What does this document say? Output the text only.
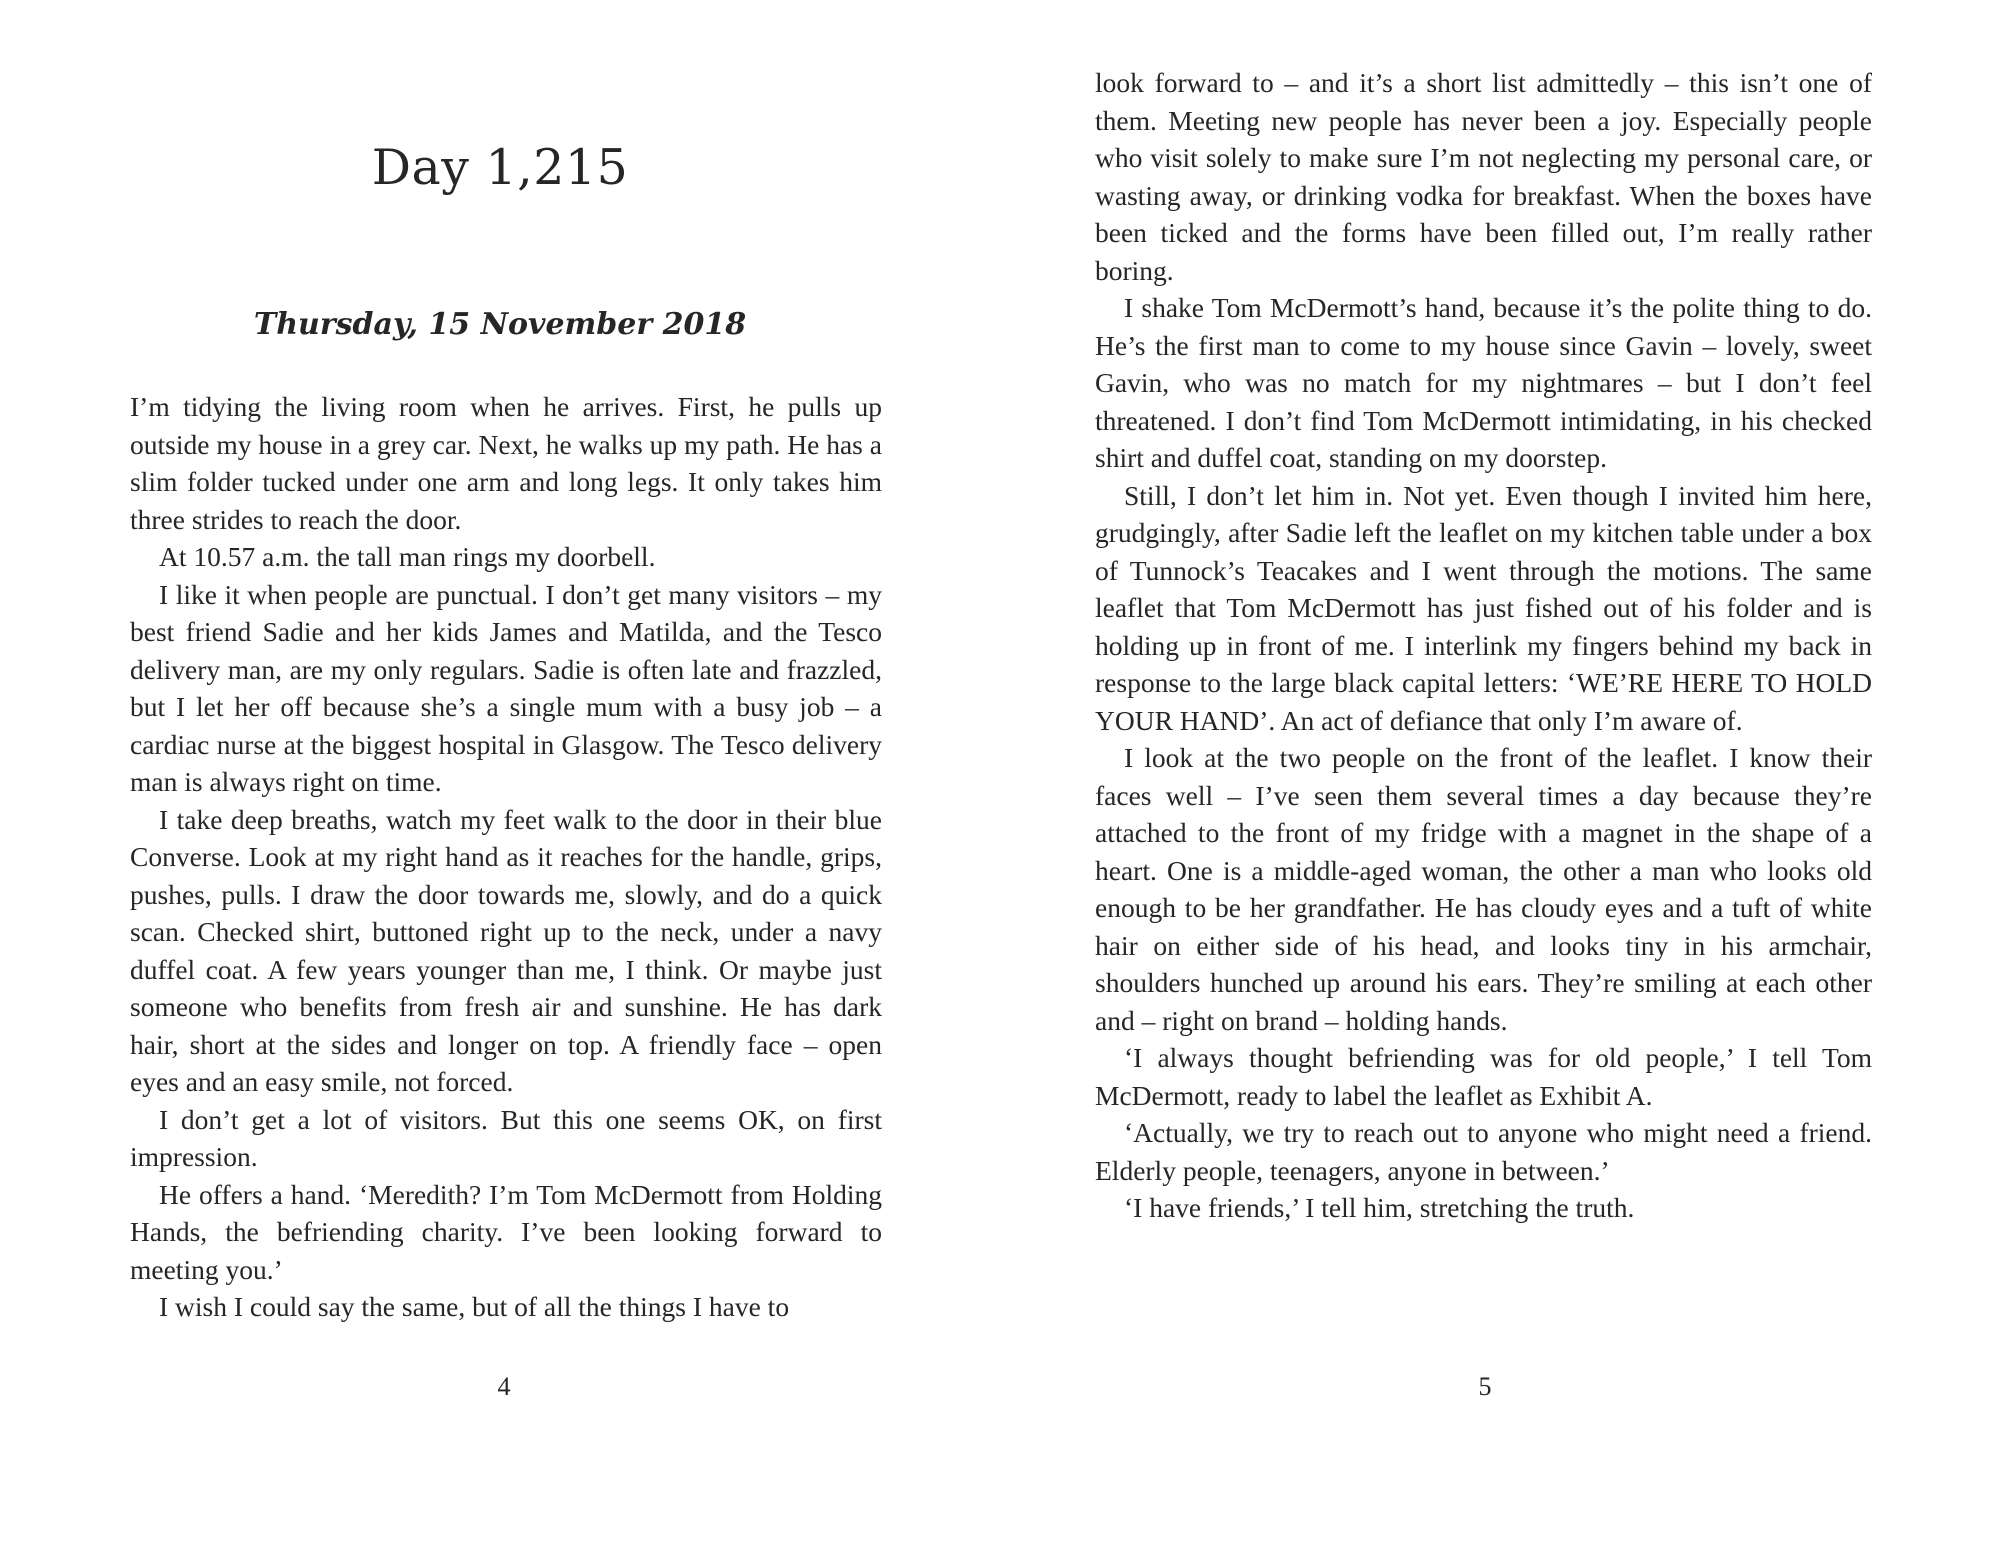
Day 1,215
Thursday, 15 November 2018

I’m tidying the living room when he arrives. First, he pulls up outside my house in a grey car. Next, he walks up my path. He has a slim folder tucked under one arm and long legs. It only takes him three strides to reach the door.

At 10.57 a.m. the tall man rings my doorbell.

I like it when people are punctual. I don’t get many visitors – my best friend Sadie and her kids James and Matilda, and the Tesco delivery man, are my only regulars. Sadie is often late and frazzled, but I let her off because she’s a single mum with a busy job – a cardiac nurse at the biggest hospital in Glasgow. The Tesco delivery man is always right on time.

I take deep breaths, watch my feet walk to the door in their blue Converse. Look at my right hand as it reaches for the handle, grips, pushes, pulls. I draw the door towards me, slowly, and do a quick scan. Checked shirt, buttoned right up to the neck, under a navy duffel coat. A few years younger than me, I think. Or maybe just someone who benefits from fresh air and sunshine. He has dark hair, short at the sides and longer on top. A friendly face – open eyes and an easy smile, not forced.

I don’t get a lot of visitors. But this one seems OK, on first impression.

He offers a hand. ‘Meredith? I’m Tom McDermott from Holding Hands, the befriending charity. I’ve been looking forward to meeting you.’

I wish I could say the same, but of all the things I have to

4

look forward to – and it’s a short list admittedly – this isn’t one of them. Meeting new people has never been a joy. Especially people who visit solely to make sure I’m not neglecting my personal care, or wasting away, or drinking vodka for breakfast. When the boxes have been ticked and the forms have been filled out, I’m really rather boring.

I shake Tom McDermott’s hand, because it’s the polite thing to do. He’s the first man to come to my house since Gavin – lovely, sweet Gavin, who was no match for my nightmares – but I don’t feel threatened. I don’t find Tom McDermott intimidating, in his checked shirt and duffel coat, standing on my doorstep.

Still, I don’t let him in. Not yet. Even though I invited him here, grudgingly, after Sadie left the leaflet on my kitchen table under a box of Tunnock’s Teacakes and I went through the motions. The same leaflet that Tom McDermott has just fished out of his folder and is holding up in front of me. I interlink my fingers behind my back in response to the large black capital letters: ‘WE’RE HERE TO HOLD YOUR HAND’. An act of defiance that only I’m aware of.

I look at the two people on the front of the leaflet. I know their faces well – I’ve seen them several times a day because they’re attached to the front of my fridge with a magnet in the shape of a heart. One is a middle-aged woman, the other a man who looks old enough to be her grandfather. He has cloudy eyes and a tuft of white hair on either side of his head, and looks tiny in his armchair, shoulders hunched up around his ears. They’re smiling at each other and – right on brand – holding hands.

‘I always thought befriending was for old people,’ I tell Tom McDermott, ready to label the leaflet as Exhibit A.

‘Actually, we try to reach out to anyone who might need a friend. Elderly people, teenagers, anyone in between.’

‘I have friends,’ I tell him, stretching the truth.

5
